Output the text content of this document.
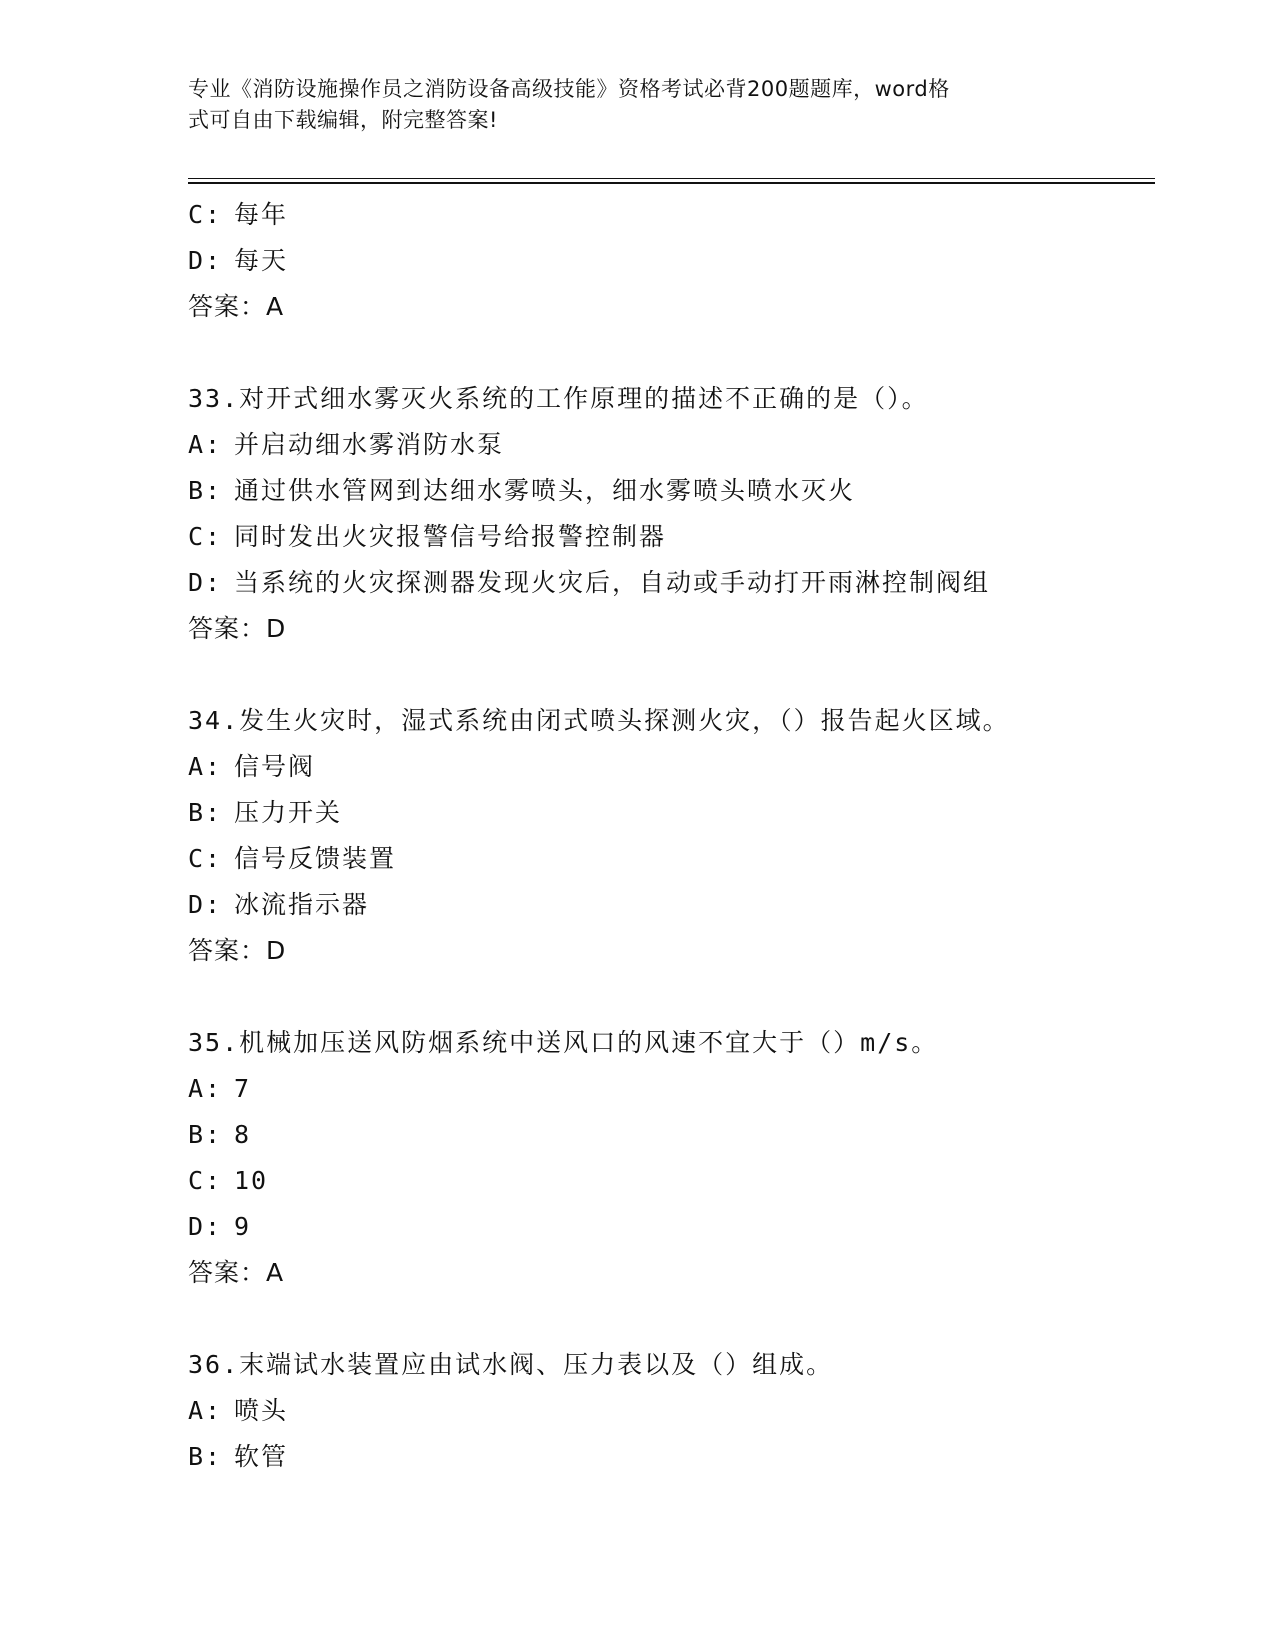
专业《消防设施操作员之消防设备高级技能》资格考试必背200题题库，word格
式可自由下载编辑，附完整答案!
C: 每年
D: 每天
答案：A
33.对开式细水雾灭火系统的工作原理的描述不正确的是（）。
A: 并启动细水雾消防水泵
B: 通过供水管网到达细水雾喷头，细水雾喷头喷水灭火
C: 同时发出火灾报警信号给报警控制器
D: 当系统的火灾探测器发现火灾后，自动或手动打开雨淋控制阀组
答案：D
34.发生火灾时，湿式系统由闭式喷头探测火灾，（）报告起火区域。
A: 信号阀
B: 压力开关
C: 信号反馈装置
D: 冰流指示器
答案：D
35.机械加压送风防烟系统中送风口的风速不宜大于（）m/s。
A: 7
B: 8
C: 10
D: 9
答案：A
36.末端试水装置应由试水阀、压力表以及（）组成。
A: 喷头
B: 软管
